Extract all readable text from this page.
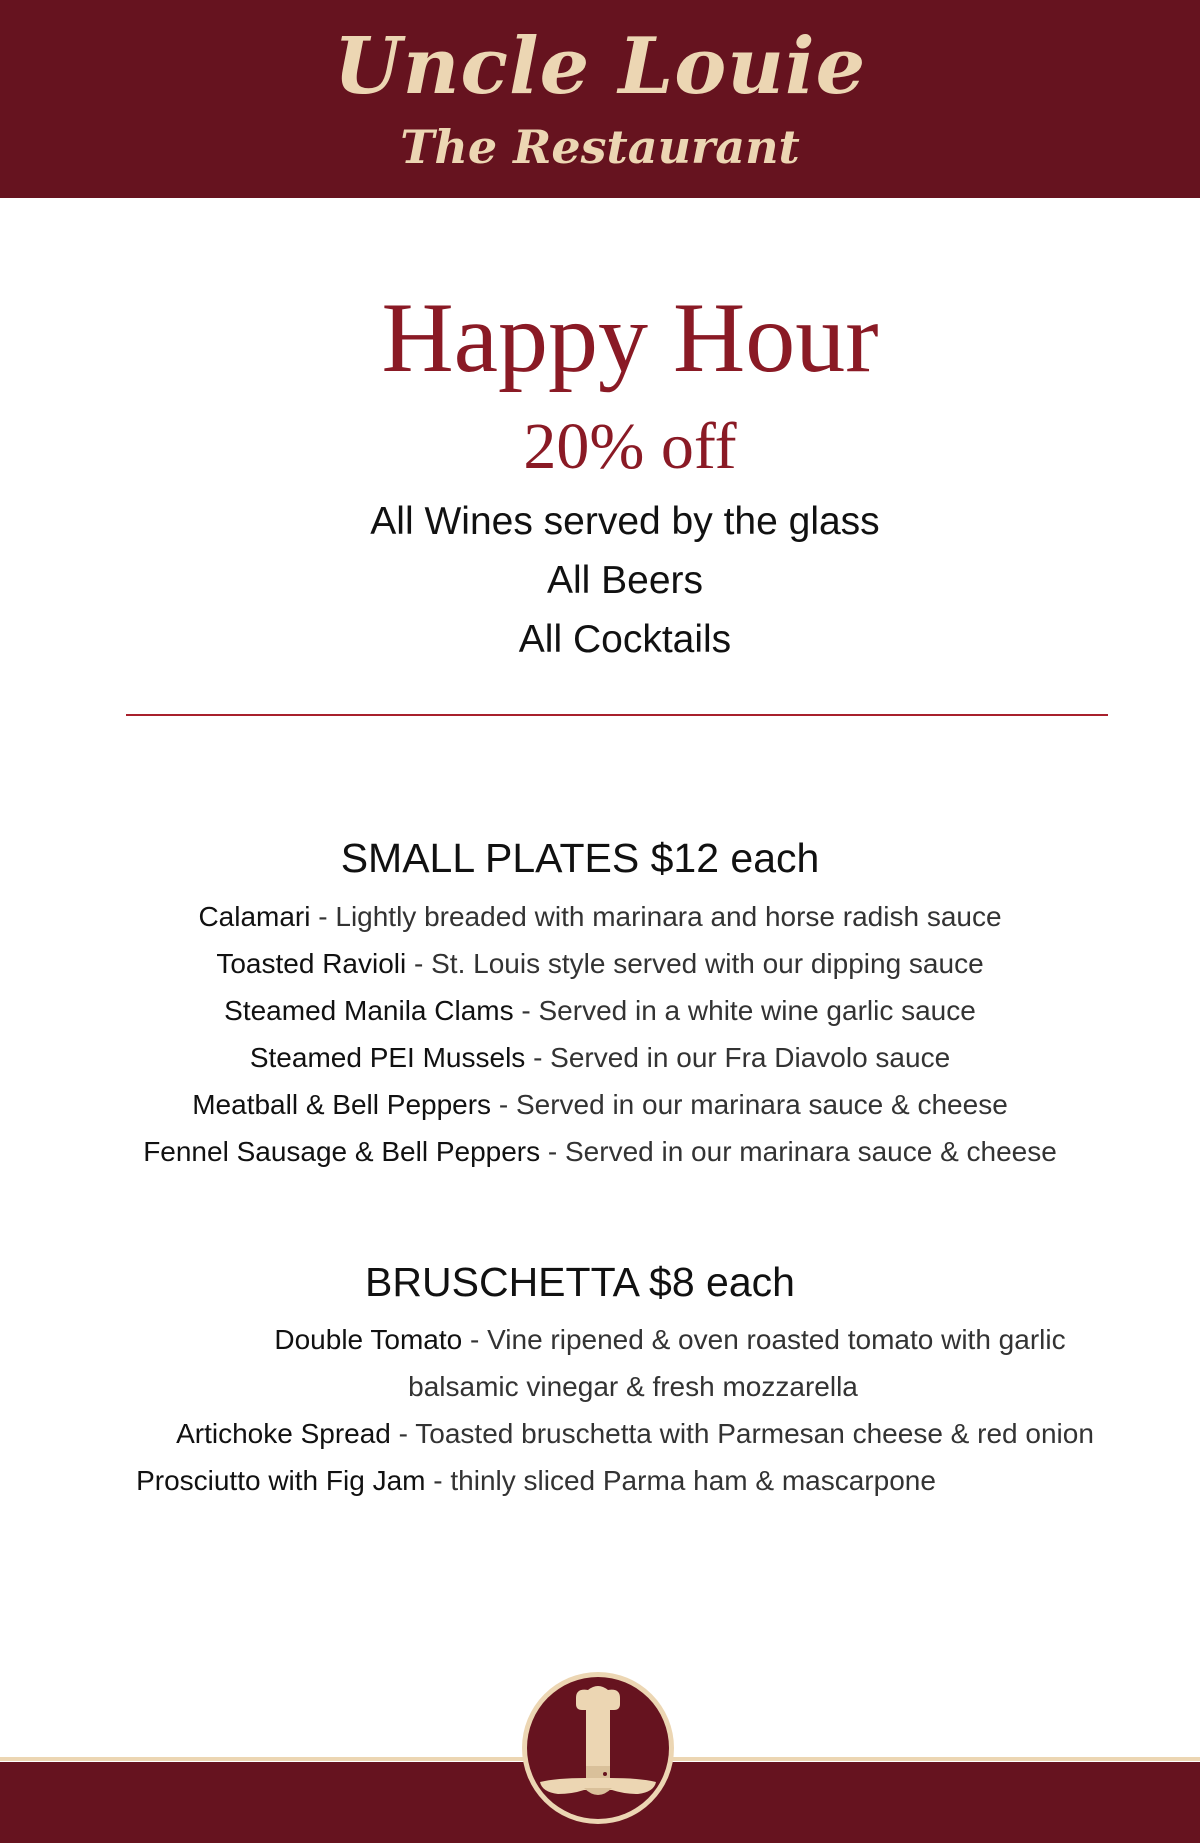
Uncle Louie
The Restaurant
Happy Hour
20% off
All Wines served by the glass
All Beers
All Cocktails
SMALL PLATES $12 each
Calamari - Lightly breaded with marinara and horse radish sauce
Toasted Ravioli - St. Louis style served with our dipping sauce
Steamed Manila Clams - Served in a white wine garlic sauce
Steamed PEI Mussels - Served in our Fra Diavolo sauce
Meatball & Bell Peppers - Served in our marinara sauce & cheese
Fennel Sausage & Bell Peppers - Served in our marinara sauce & cheese
BRUSCHETTA $8 each
Double Tomato - Vine ripened & oven roasted tomato with garlic
balsamic vinegar & fresh mozzarella
Artichoke Spread - Toasted bruschetta with Parmesan cheese & red onion
Prosciutto with Fig Jam - thinly sliced Parma ham & mascarpone
